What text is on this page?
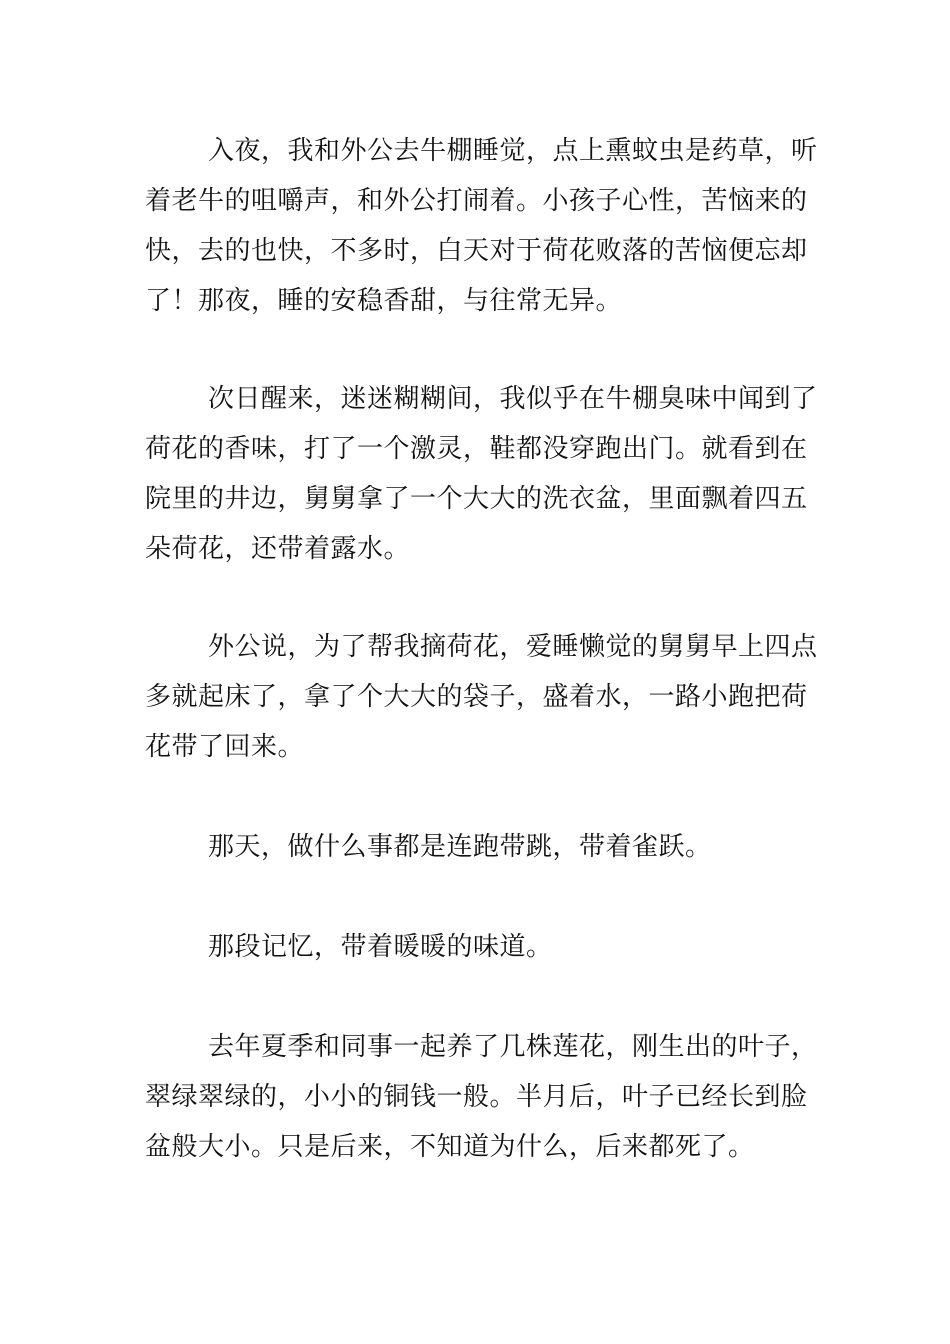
入夜，我和外公去牛棚睡觉，点上熏蚊虫是药草，听
着老牛的咀嚼声，和外公打闹着。小孩子心性，苦恼来的
快，去的也快，不多时，白天对于荷花败落的苦恼便忘却
了！那夜，睡的安稳香甜，与往常无异。
次日醒来，迷迷糊糊间，我似乎在牛棚臭味中闻到了
荷花的香味，打了一个激灵，鞋都没穿跑出门。就看到在
院里的井边，舅舅拿了一个大大的洗衣盆，里面飘着四五
朵荷花，还带着露水。
外公说，为了帮我摘荷花，爱睡懒觉的舅舅早上四点
多就起床了，拿了个大大的袋子，盛着水，一路小跑把荷
花带了回来。
那天，做什么事都是连跑带跳，带着雀跃。
那段记忆，带着暖暖的味道。
去年夏季和同事一起养了几株莲花，刚生出的叶子，
翠绿翠绿的，小小的铜钱一般。半月后，叶子已经长到脸
盆般大小。只是后来，不知道为什么，后来都死了。
